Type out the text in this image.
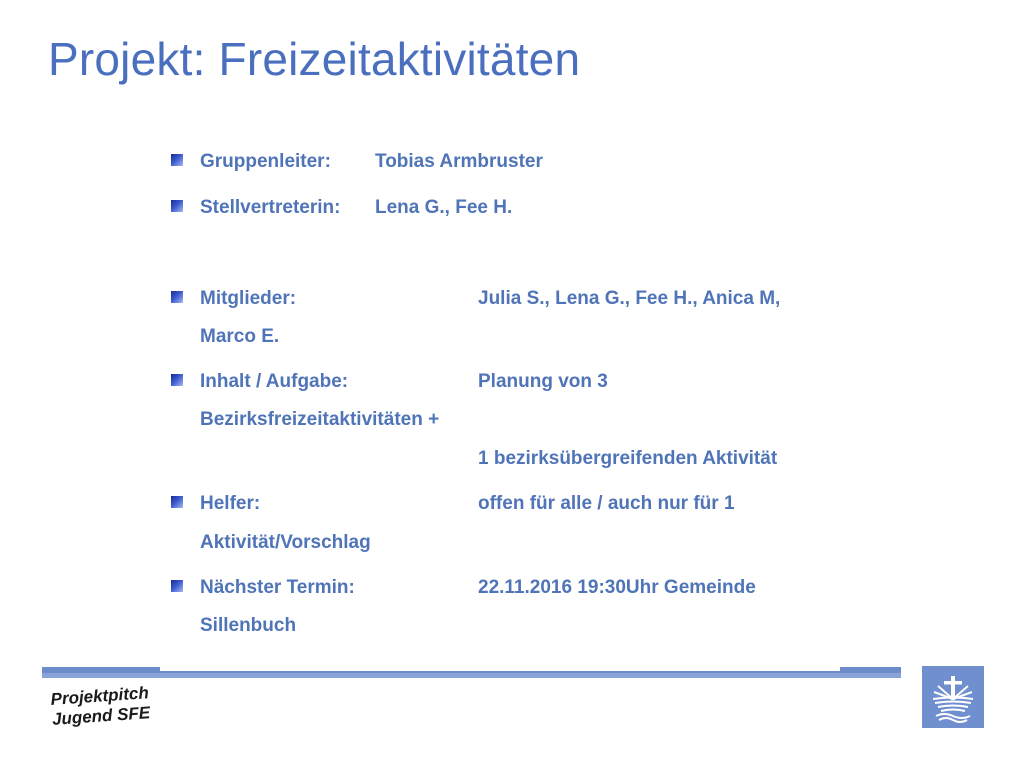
Projekt: Freizeitaktivitäten
Gruppenleiter: Tobias Armbruster
Stellvertreterin: Lena G., Fee H.
Mitglieder:	Julia S., Lena G., Fee H., Anica M,
Marco E.
Inhalt / Aufgabe:	Planung von 3
Bezirksfreizeitaktivitäten +
1 bezirksübergreifenden Aktivität
Helfer:	offen für alle / auch nur für 1
Aktivität/Vorschlag
Nächster Termin:	22.11.2016 19:30Uhr Gemeinde
Sillenbuch
Projektpitch
Jugend SFE
